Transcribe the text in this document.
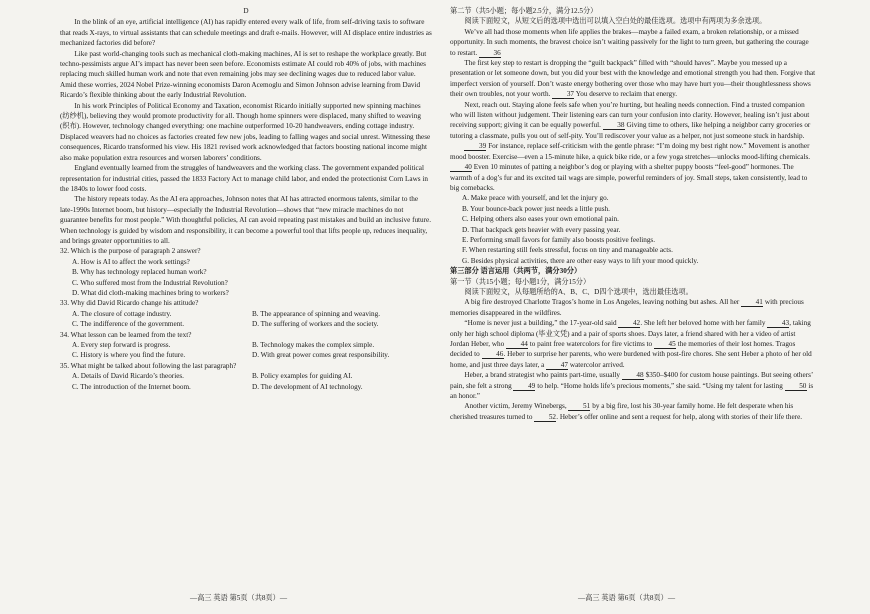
D

In the blink of an eye, artificial intelligence (AI) has rapidly entered every walk of life, from self-driving taxis to software that reads X-rays, to virtual assistants that can schedule meetings and draft e-mails. However, will AI displace entire industries as mechanized factories did before?

Like past world-changing tools such as mechanical cloth-making machines, AI is set to reshape the workplace greatly. But techno-pessimists argue AI’s impact has never been seen before. Economists estimate AI could rob 40% of jobs, with machines replacing much skilled human work and note that even remaining jobs may see declining wages due to reduced labor value. Amid these worries, 2024 Nobel Prize-winning economists Daron Acemoglu and Simon Johnson advise learning from David Ricardo’s flexible thinking about the early Industrial Revolution.

In his work Principles of Political Economy and Taxation, economist Ricardo initially supported new spinning machines (纺纱机), believing they would promote productivity for all. Though home spinners were displaced, many shifted to weaving (织布). However, technology changed everything: one machine outperformed 10-20 handweavers, ending cottage industry. Displaced weavers had no choices as factories created few new jobs, leading to falling wages and social unrest. Witnessing these consequences, Ricardo transformed his view. His 1821 revised work acknowledged that factors boosting national income might also make population extra resources and worsen laborers’ conditions.

England eventually learned from the struggles of handweavers and the working class. The government expanded political representation for industrial cities, passed the 1833 Factory Act to manage child labor, and ended the protectionist Corn Laws in the 1840s to lower food costs.

The history repeats today. As the AI era approaches, Johnson notes that AI has attracted enormous talents, similar to the late-1990s Internet boom, but history—especially the Industrial Revolution—shows that “new miracle machines do not guarantee benefits for most people.” With thoughtful policies, AI can avoid repeating past mistakes and build an inclusive future. When technology is guided by wisdom and responsibility, it can become a powerful tool that lifts people up, reduces inequality, and brings greater opportunities to all.

32. Which is the purpose of paragraph 2 answer?

A. How is AI to affect the work settings?

B. Why has technology replaced human work?

C. Who suffered most from the Industrial Revolution?

D. What did cloth-making machines bring to workers?

33. Why did David Ricardo change his attitude?

A. The closure of cottage industry.	B. The appearance of spinning and weaving.
C. The indifference of the government.	D. The suffering of workers and the society.

34. What lesson can be learned from the text?

A. Every step forward is progress.	B. Technology makes the complex simple.
C. History is where you find the future.	D. With great power comes great responsibility.

35. What might be talked about following the last paragraph?

A. Details of David Ricardo’s theories.	B. Policy examples for guiding AI.
C. The introduction of the Internet boom.	D. The development of AI technology.
—高三 英语 第5页（共8页）—

第二节（共5小题；每小题2.5分，满分12.5分）

阅读下面短文，从短文后的选项中选出可以填入空白处的最佳选项。选项中有两项为多余选项。

We’ve all had those moments when life applies the brakes—maybe a failed exam, a broken relationship, or a missed opportunity. In such moments, the bravest choice isn’t waiting passively for the light to turn green, but gathering the courage to restart. 36

The first key step to restart is dropping the “guilt backpack” filled with “should haves”. Maybe you messed up a presentation or let someone down, but you did your best with the knowledge and emotional strength you had then. Forgive that imperfect version of yourself. Don’t waste energy bothering over those who may have hurt you—their thoughtlessness shows their own troubles, not your worth. 37 You deserve to reclaim that energy.

Next, reach out. Staying alone feels safe when you’re hurting, but healing needs connection. Find a trusted companion who will listen without judgement. Their listening ears can turn your confusion into clarity. However, healing isn’t just about receiving support; giving it can be equally powerful. 38 Giving time to others, like helping a neighbor carry groceries or tutoring a classmate, pulls you out of self-pity. You’ll rediscover your value as a helper, not just someone stuck in hardship.

39 For instance, replace self-criticism with the gentle phrase: “I’m doing my best right now.” Movement is another mood booster. Exercise—even a 15-minute hike, a quick bike ride, or a few yoga stretches—unlocks mood-lifting chemicals. 40 Even 10 minutes of patting a neighbor’s dog or playing with a shelter puppy boosts “feel-good” hormones. The warmth of a dog’s fur and its excited tail wags are simple, powerful reminders of joy. Small steps, taken consistently, lead to big comebacks.

A. Make peace with yourself, and let the injury go.

B. Your bounce-back power just needs a little push.

C. Helping others also eases your own emotional pain.

D. That backpack gets heavier with every passing year.

E. Performing small favors for family also boosts positive feelings.

F. When restarting still feels stressful, focus on tiny and manageable acts.

G. Besides physical activities, there are other easy ways to lift your mood quickly.

第三部分 语言运用（共两节，满分30分）

第一节（共15小题；每小题1分，满分15分）

阅读下面短文，从每题所给的A、B、C、D四个选项中，选出最佳选项。

A big fire destroyed Charlotte Tragos’s home in Los Angeles, leaving nothing but ashes. All her 41 with precious memories disappeared in the wildfires.

“Home is never just a building,” the 17-year-old said 42. She left her beloved home with her family 43, taking only her high school diploma (毕业文凭) and a pair of sports shoes. Days later, a friend shared with her a video of artist Jordan Heber, who 44 to paint free watercolors for fire victims to 45 the memories of their lost homes. Tragos decided to 46. Heber to surprise her parents, who were burdened with post-fire chores. She sent Heber a photo of her old home, and just three days later, a 47 watercolor arrived.

Heber, a brand strategist who paints part-time, usually 48 $350–$400 for custom house paintings. But seeing others’ pain, she felt a strong 49 to help. “Home holds life’s precious moments,” she said. “Using my talent for lasting 50 is an honor.”

Another victim, Jeremy Winebergs, 51 by a big fire, lost his 30-year family home. He felt desperate when his cherished treasures turned to 52. Heber’s offer online and sent a request for help, along with stories of their life there.

—高三 英语 第6页（共8页）—
